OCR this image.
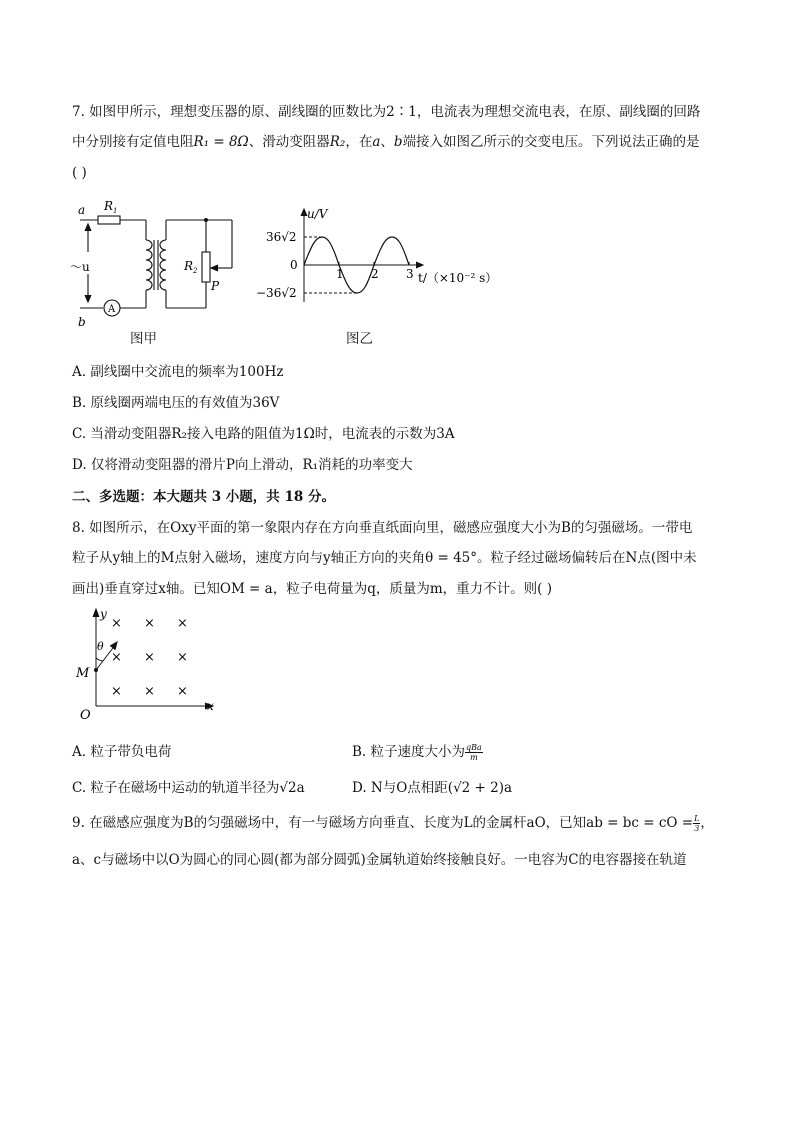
7. 如图甲所示，理想变压器的原、副线圈的匝数比为2∶1，电流表为理想交流电表，在原、副线圈的回路
中分别接有定值电阻R₁ = 8Ω、滑动变阻器R₂，在a、b端接入如图乙所示的交变电压。下列说法正确的是
( )
a $R_1$
～u
b
A
$R_2$
P
图甲
u/V
36√2
0
−36√2
1 2 3 t/（×10⁻² s）
图乙
A. 副线圈中交流电的频率为100Hz
B. 原线圈两端电压的有效值为36V
C. 当滑动变阻器R₂接入电路的阻值为1Ω时，电流表的示数为3A
D. 仅将滑动变阻器的滑片P向上滑动，R₁消耗的功率变大
二、多选题：本大题共 3 小题，共 18 分。
8. 如图所示，在Oxy平面的第一象限内存在方向垂直纸面向里，磁感应强度大小为B的匀强磁场。一带电
粒子从y轴上的M点射入磁场，速度方向与y轴正方向的夹角θ = 45°。粒子经过磁场偏转后在N点(图中未
画出)垂直穿过x轴。已知OM = a，粒子电荷量为q，质量为m，重力不计。则( )
y
x
O
M
θ
× × ×
× × ×
× × ×
A. 粒子带负电荷	B. 粒子速度大小为 $\frac{\text{qBa}}{m}$
C. 粒子在磁场中运动的轨道半径为√2a	D. N与O点相距(√2 + 2)a
9. 在磁感应强度为B的匀强磁场中，有一与磁场方向垂直、长度为L的金属杆aO，已知ab = bc = cO = $\frac{L}{3}$ ，
a、c与磁场中以O为圆心的同心圆(都为部分圆弧)金属轨道始终接触良好。一电容为C的电容器接在轨道
